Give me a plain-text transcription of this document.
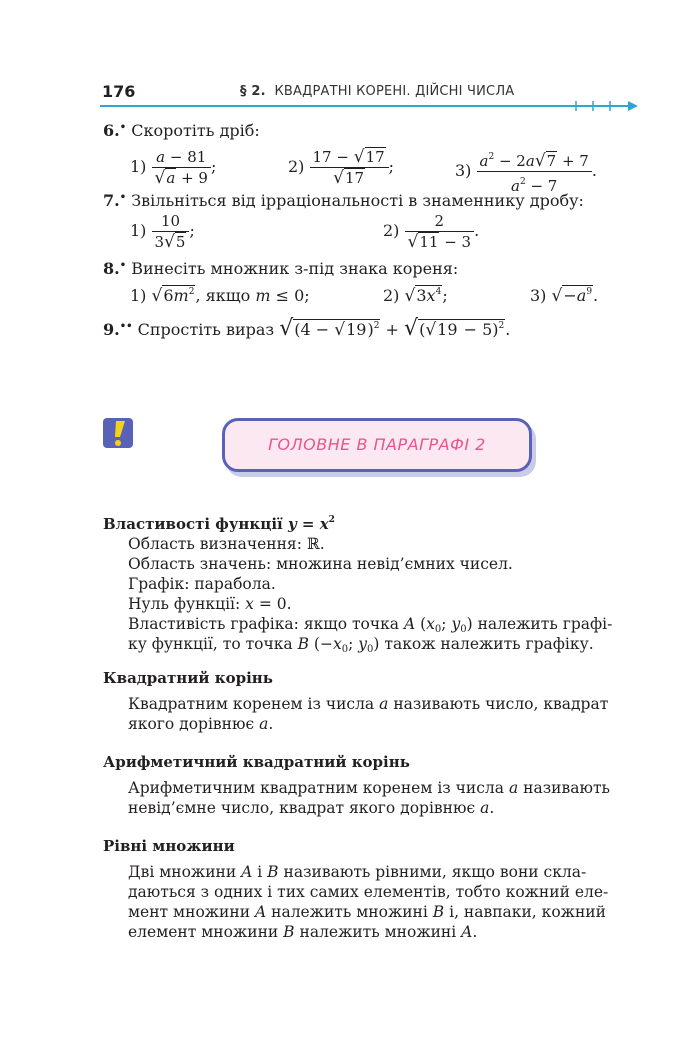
176	§ 2. КВАДРАТНІ КОРЕНІ. ДІЙСНІ ЧИСЛА
6.• Скоротіть дріб:
$1) \frac{a - 81}{√a + 9}$ ;	$2) \frac{17 - √17}{√17}$ ;	$3) \frac{a^2 - 2a√7 + 7}{a^2 - 7}$ .
7.• Звільніться від ірраціональності в знаменнику дробу:
$1) \frac{10}{3√5}$ ;	$2) \frac{2}{√11 - 3}$ .
8.• Винесіть множник з-під знака кореня:
1) $√6m^2$, якщо m ≤ 0;	2) $√3x^4$;	3) $√-a^9$.
9.•• Спростіть вираз $√(4 - √19)^2 + √(√19 - 5)^2$.
ГОЛОВНЕ В ПАРАГРАФІ 2
Властивості функції $y = x^2$
Область визначення: ℝ.
Область значень: множина невід’ємних чисел.
Графік: парабола.
Нуль функції: x = 0.
Властивість графіка: якщо точка A ($x_0$; $y_0$) належить графі-
ку функції, то точка B ($-x_0$; $y_0$) також належить графіку.
Квадратний корінь
Квадратним коренем із числа a називають число, квадрат
якого дорівнює a.
Арифметичний квадратний корінь
Арифметичним квадратним коренем із числа a називають
невід’ємне число, квадрат якого дорівнює a.
Рівні множини
Дві множини A і B називають рівними, якщо вони скла-
даються з одних і тих самих елементів, тобто кожний еле-
мент множини A належить множині B і, навпаки, кожний
елемент множини B належить множині A.
